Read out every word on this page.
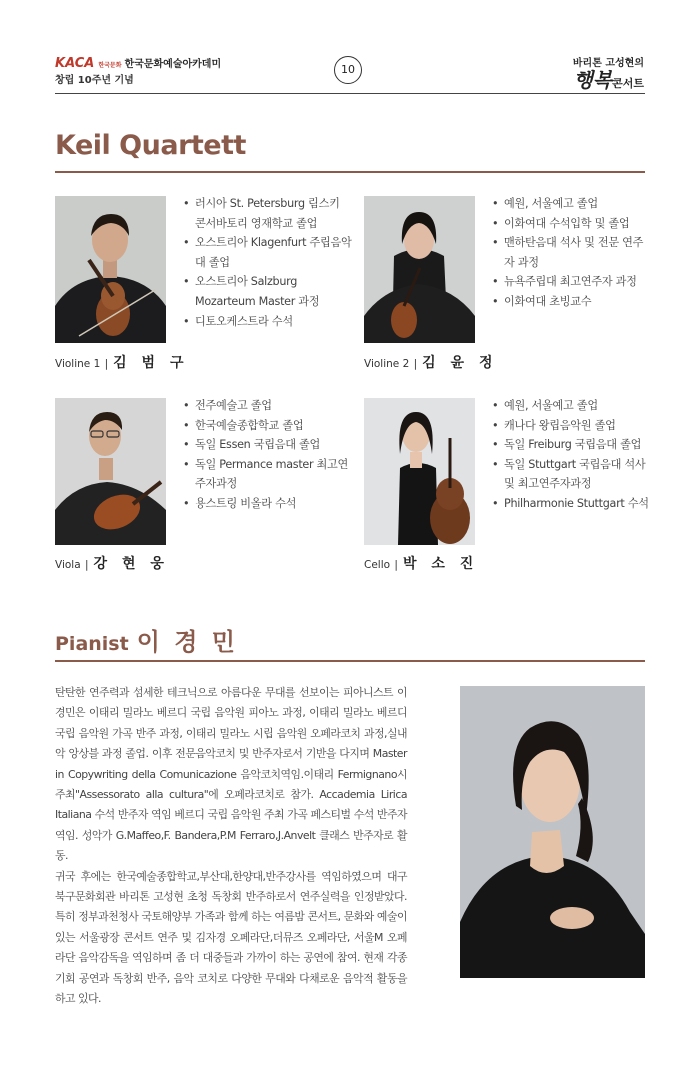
KACA 한국문화 한국문화예술아카데미
창립 10주년 기념
10	바리톤 고성현의
행복콘서트
Keil Quartett
• 러시아 St. Petersburg 림스키 콘서바토리 영재학교 졸업
• 오스트리아 Klagenfurt 주립음악대 졸업
• 오스트리아 Salzburg Mozarteum Master 과정
• 디토오케스트라 수석
Violine 1 | 김 범 구
• 예원, 서울예고 졸업
• 이화여대 수석입학 및 졸업
• 맨하탄음대 석사 및 전문 연주자 과정
• 뉴욕주립대 최고연주자 과정
• 이화여대 초빙교수
Violine 2 | 김 윤 정
• 전주예술고 졸업
• 한국예술종합학교 졸업
• 독일 Essen 국립음대 졸업
• 독일 Permance master 최고연주자과정
• 용스트링 비올라 수석
Viola | 강 현 웅
• 예원, 서울예고 졸업
• 캐나다 왕립음악원 졸업
• 독일 Freiburg 국립음대 졸업
• 독일 Stuttgart 국립음대 석사 및 최고연주자과정
• Philharmonie Stuttgart 수석
Cello | 박 소 진
Pianist 이 경 민

탄탄한 연주력과 섬세한 테크닉으로 아름다운 무대를 선보이는 피아니스트 이경민은 이태리 밀라노 베르디 국립 음악원 피아노 과정, 이태리 밀라노 베르디국립 음악원 가곡 반주 과정, 이태리 밀라노 시립 음악원 오페라코치 과정,실내악 앙상블 과정 졸업. 이후 전문음악코치 및 반주자로서 기반을 다지며 Master in Copywriting della Comunicazione 음악코치역임.이태리 Fermignano시 주최"Assessorato alla cultura"에 오페라코치로 참가. Accademia Lirica Italiana 수석 반주자 역임 베르디 국립 음악원 주최 가곡 페스티벌 수석 반주자 역임. 성악가 G.Maffeo,F. Bandera,P.M Ferraro,J.Anvelt 클래스 반주자로 활동.

귀국 후에는 한국예술종합학교,부산대,한양대,반주강사를 역임하였으며 대구 북구문화회관 바리톤 고성현 초청 독창회 반주하로서 연주실력을 인정받았다. 특히 정부과천청사 국토해양부 가족과 함께 하는 여름밤 콘서트, 문화와 예술이 있는 서울광장 콘서트 연주 및 김자경 오페라단,더뮤즈 오페라단, 서울M 오페라단 음악감독을 역임하며 좀 더 대중들과 가까이 하는 공연에 참여. 현재 각종 기회 공연과 독창회 반주, 음악 코치로 다양한 무대와 다채로운 음악적 활동을 하고 있다.
